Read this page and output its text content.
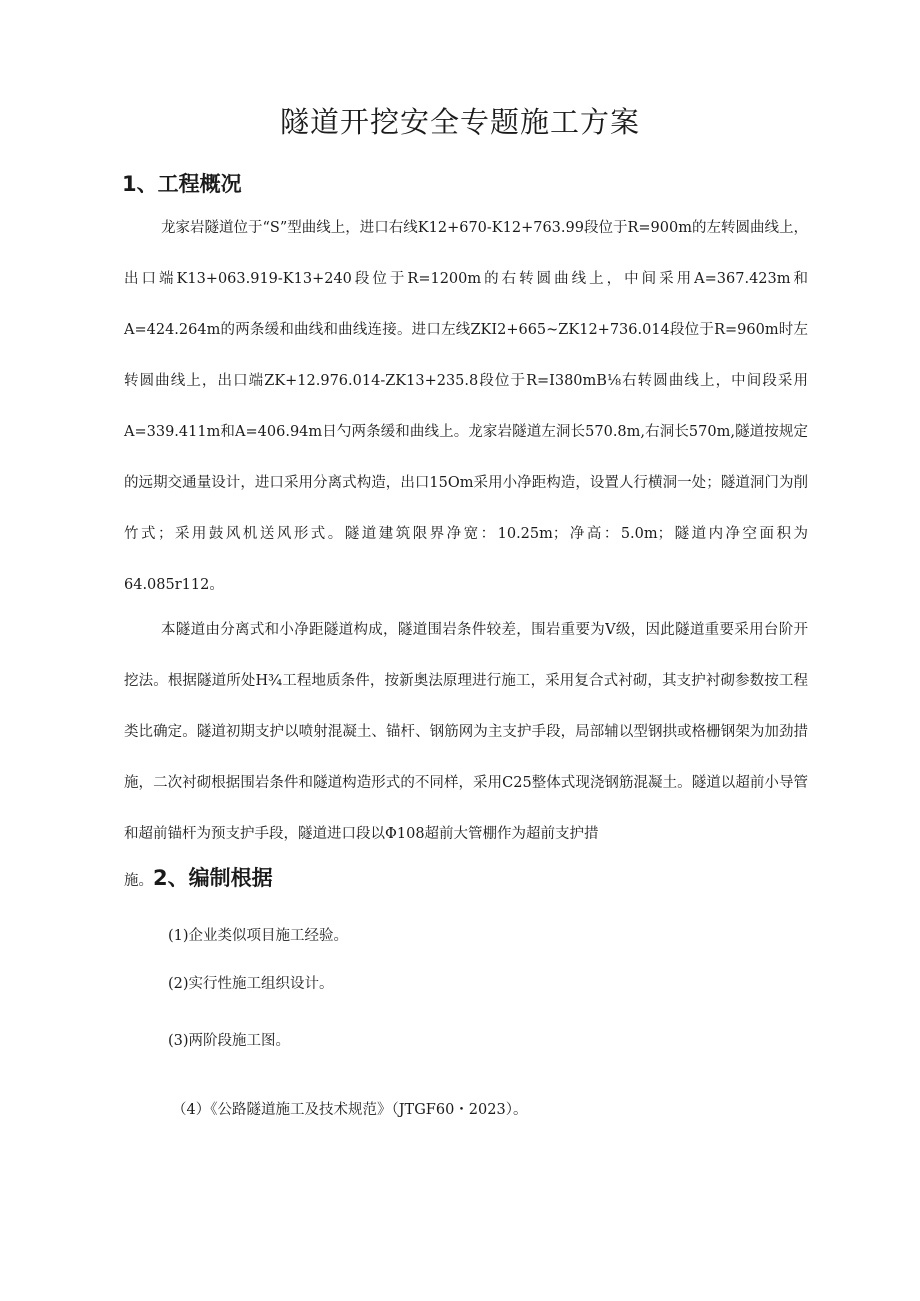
隧道开挖安全专题施工方案
1、工程概况

龙家岩隧道位于“S”型曲线上，进口右线K12+670-K12+763.99段位于R=900m的左转圆曲线上，出口端K13+063.919-K13+240段位于R=1200m的右转圆曲线上，中间采用A=367.423m和A=424.264m的两条缓和曲线和曲线连接。进口左线ZKI2+665~ZK12+736.014段位于R=960m时左转圆曲线上，出口端ZK+12.976.014-ZK13+235.8段位于R=I380mB⅛右转圆曲线上，中间段采用A=339.411m和A=406.94m日勺两条缓和曲线上。龙家岩隧道左洞长570.8m,右洞长570m,隧道按规定的远期交通量设计，进口采用分离式构造，出口15Om采用小净距构造，设置人行横洞一处；隧道洞门为削竹式；采用鼓风机送风形式。隧道建筑限界净宽：10.25m；净高：5.0m；隧道内净空面积为64.085r112。

本隧道由分离式和小净距隧道构成，隧道围岩条件较差，围岩重要为V级，因此隧道重要采用台阶开挖法。根据隧道所处H¾工程地质条件，按新奥法原理进行施工，采用复合式衬砌，其支护衬砌参数按工程类比确定。隧道初期支护以喷射混凝土、锚杆、钢筋网为主支护手段，局部辅以型钢拱或格栅钢架为加劲措施，二次衬砌根据围岩条件和隧道构造形式的不同样，采用C25整体式现浇钢筋混凝土。隧道以超前小导管和超前锚杆为预支护手段，隧道进口段以Φ108超前大管棚作为超前支护措

施。2、编制根据
(1)企业类似项目施工经验。
(2)实行性施工组织设计。
(3)两阶段施工图。
（4）《公路隧道施工及技术规范》（JTGF60・2023）。
